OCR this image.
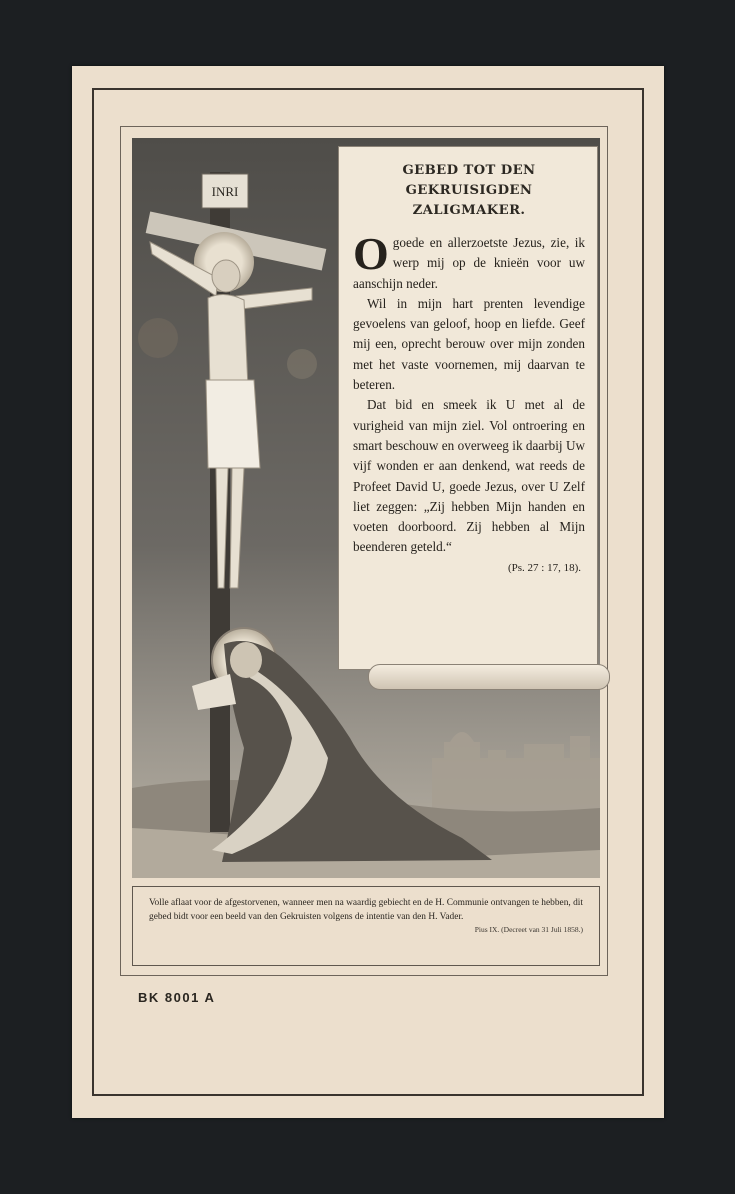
INRI
GEBED TOT DEN GEKRUISIGDEN ZALIGMAKER.
O goede en allerzoetste Jezus, zie, ik werp mij op de knieën voor uw aanschijn neder.

Wil in mijn hart prenten levendige gevoelens van geloof, hoop en liefde. Geef mij een, oprecht berouw over mijn zonden met het vaste voornemen, mij daarvan te beteren.

Dat bid en smeek ik U met al de vurigheid van mijn ziel. Vol ontroering en smart beschouw en overweeg ik daarbij Uw vijf wonden er aan denkend, wat reeds de Profeet David U, goede Jezus, over U Zelf liet zeggen: „Zij hebben Mijn handen en voeten doorboord. Zij hebben al Mijn beenderen geteld.“

(Ps. 27 : 17, 18).

Volle aflaat voor de afgestorvenen, wanneer men na waardig gebiecht en de H. Communie ontvangen te hebben, dit gebed bidt voor een beeld van den Gekruisten volgens de intentie van den H. Vader.

Pius IX. (Decreet van 31 Juli 1858.)
BK 8001 A
